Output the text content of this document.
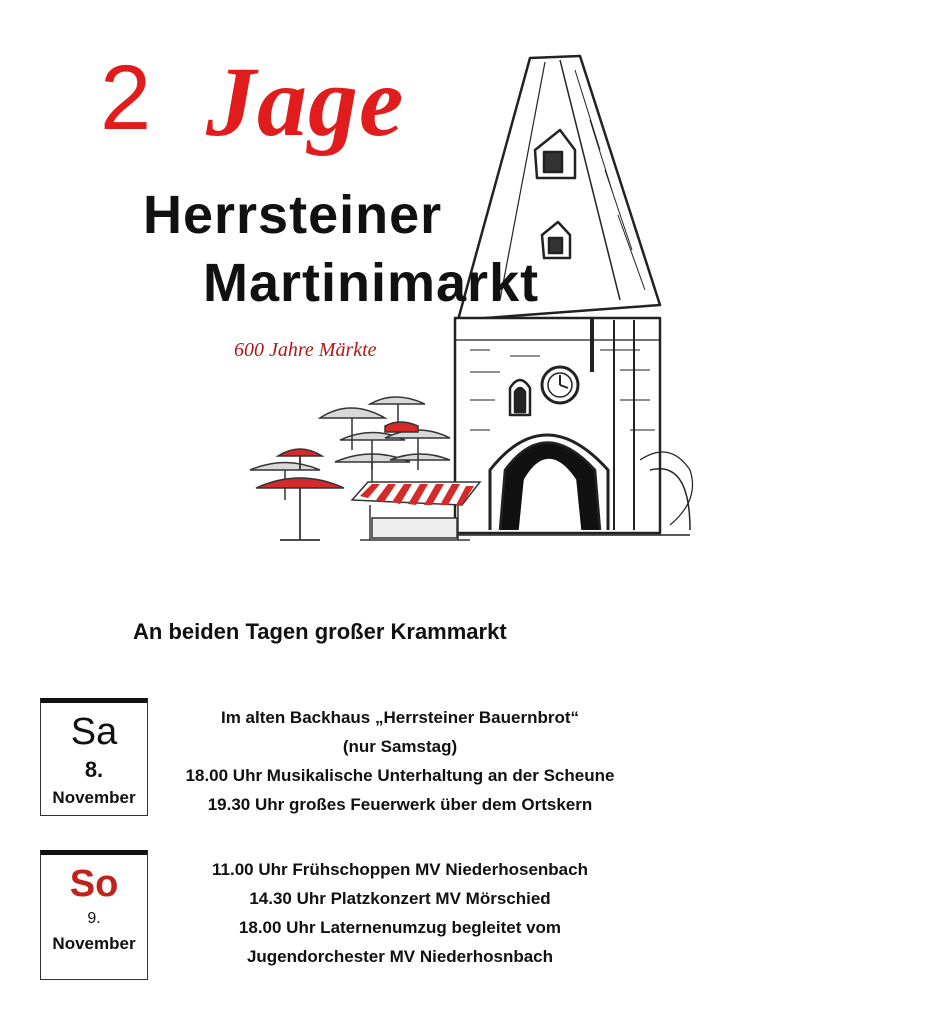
2 Jage
Herrsteiner
Martinimarkt
600 Jahre Märkte
An beiden Tagen großer Krammarkt
Sa
8.
November
Im alten Backhaus „Herrsteiner Bauernbrot“
(nur Samstag)
18.00 Uhr Musikalische Unterhaltung an der Scheune
19.30 Uhr großes Feuerwerk über dem Ortskern
So
9.
November
11.00 Uhr Frühschoppen MV Niederhosenbach
14.30 Uhr Platzkonzert MV Mörschied
18.00 Uhr Laternenumzug begleitet vom
Jugendorchester MV Niederhosnbach
